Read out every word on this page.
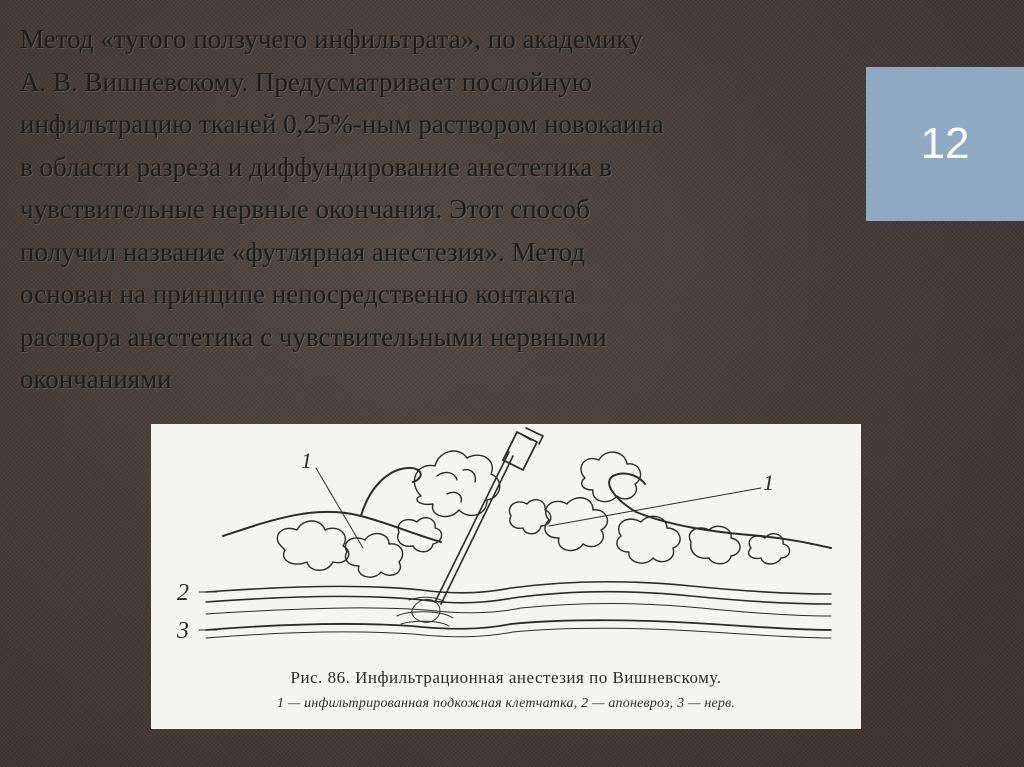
Метод «тугого ползучего инфильтрата», по академику
А. В. Вишневскому. Предусматривает послойную
инфильтрацию тканей 0,25%-ным раствором новокаина
в области разреза и диффундирование анестетика в
чувствительные нервные окончания. Этот способ
получил название «футлярная анестезия». Метод
основан на принципе непосредственно контакта
раствора анестетика с чувствительными нервными
окончаниями
12
1
1
2
3
Рис. 86. Инфильтрационная анестезия по Вишневскому.
1 — инфильтрированная подкожная клетчатка, 2 — апоневроз, 3 — нерв.
